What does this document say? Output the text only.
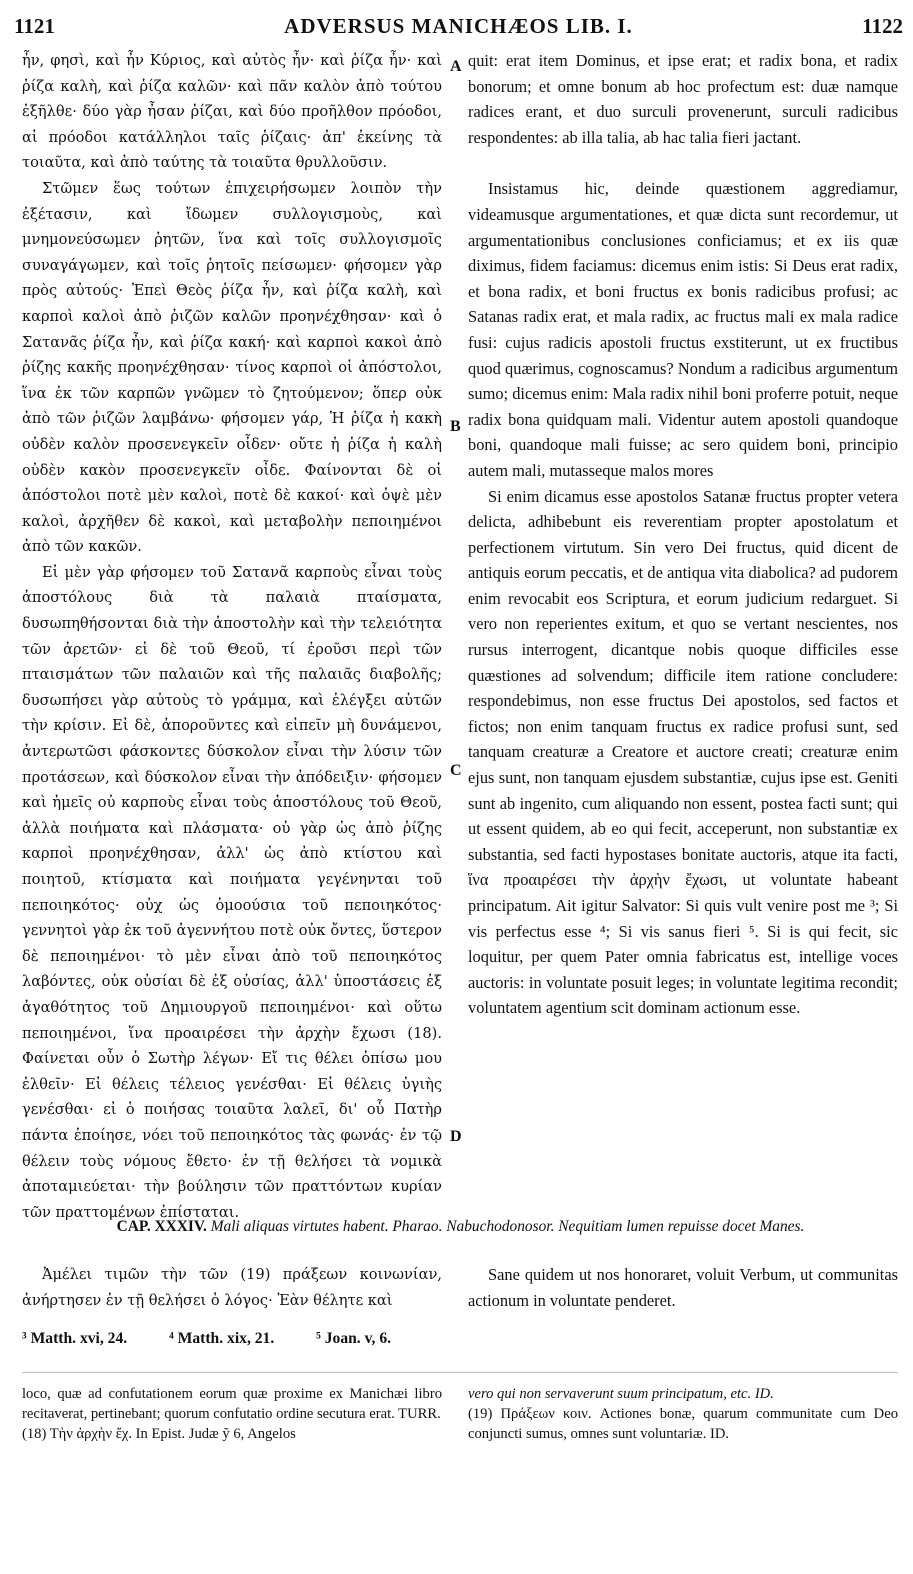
1121	ADVERSUS MANICHÆOS LIB. I.	1122

ἦν, φησὶ, καὶ ἦν Κύριος, καὶ αὐτὸς ἦν· καὶ ῥίζα ἦν· καὶ ῥίζα καλὴ, καὶ ῥίζα καλῶν· καὶ πᾶν καλὸν ἀπὸ τούτου ἐξῆλθε· δύο γὰρ ἦσαν ῥίζαι, καὶ δύο προῆλθον πρόοδοι, αἱ πρόοδοι κατάλληλοι ταῖς ῥίζαις· ἀπ' ἐκείνης τὰ τοιαῦτα, καὶ ἀπὸ ταύτης τὰ τοιαῦτα θρυλλοῦσιν.

Στῶμεν ἕως τούτων ἐπιχειρήσωμεν λοιπὸν τὴν ἐξέτασιν, καὶ ἴδωμεν συλλογισμοὺς, καὶ μνημονεύσωμεν ῥητῶν, ἵνα καὶ τοῖς συλλογισμοῖς συναγάγωμεν, καὶ τοῖς ῥητοῖς πείσωμεν· φήσομεν γὰρ πρὸς αὐτούς· Ἐπεὶ Θεὸς ῥίζα ἦν, καὶ ῥίζα καλὴ, καὶ καρποὶ καλοὶ ἀπὸ ῥιζῶν καλῶν προηνέχθησαν· καὶ ὁ Σατανᾶς ῥίζα ἦν, καὶ ῥίζα κακή· καὶ καρποὶ κακοὶ ἀπὸ ῥίζης κακῆς προηνέχθησαν· τίνος καρποὶ οἱ ἀπόστολοι, ἵνα ἐκ τῶν καρπῶν γνῶμεν τὸ ζητούμενον; ὅπερ οὐκ ἀπὸ τῶν ῥιζῶν λαμβάνω· φήσομεν γάρ, Ἡ ῥίζα ἡ κακὴ οὐδὲν καλὸν προσενεγκεῖν οἶδεν· οὔτε ἡ ῥίζα ἡ καλὴ οὐδὲν κακὸν προσενεγκεῖν οἶδε. Φαίνονται δὲ οἱ ἀπόστολοι ποτὲ μὲν καλοὶ, ποτὲ δὲ κακοί· καὶ ὀψὲ μὲν καλοὶ, ἀρχῆθεν δὲ κακοὶ, καὶ μεταβολὴν πεποιημένοι ἀπὸ τῶν κακῶν.

Εἰ μὲν γὰρ φήσομεν τοῦ Σατανᾶ καρποὺς εἶναι τοὺς ἀποστόλους διὰ τὰ παλαιὰ πταίσματα, δυσωπηθήσονται διὰ τὴν ἀποστολὴν καὶ τὴν τελειότητα τῶν ἀρετῶν· εἰ δὲ τοῦ Θεοῦ, τί ἐροῦσι περὶ τῶν πταισμάτων τῶν παλαιῶν καὶ τῆς παλαιᾶς διαβολῆς; δυσωπήσει γὰρ αὐτοὺς τὸ γράμμα, καὶ ἐλέγξει αὐτῶν τὴν κρίσιν. Εἰ δὲ, ἀπορoῦντες καὶ εἰπεῖν μὴ δυνάμενοι, ἀντερωτῶσι φάσκοντες δύσκολον εἶναι τὴν λύσιν τῶν προτάσεων, καὶ δύσκολον εἶναι τὴν ἀπόδειξιν· φήσομεν καὶ ἡμεῖς οὐ καρποὺς εἶναι τοὺς ἀποστόλους τοῦ Θεοῦ, ἀλλὰ ποιήματα καὶ πλάσματα· οὐ γὰρ ὡς ἀπὸ ῥίζης καρποὶ προηνέχθησαν, ἀλλ' ὡς ἀπὸ κτίστου καὶ ποιητοῦ, κτίσματα καὶ ποιήματα γεγένηνται τοῦ πεποιηκότος· οὐχ ὡς ὁμοούσια τοῦ πεποιηκότος· γεννητοὶ γὰρ ἐκ τοῦ ἀγεννήτου ποτὲ οὐκ ὄντες, ὕστερον δὲ πεποιημένοι· τὸ μὲν εἶναι ἀπὸ τοῦ πεποιηκότος λαβόντες, οὐκ οὐσίαι δὲ ἐξ οὐσίας, ἀλλ' ὑποστάσεις ἐξ ἀγαθότητος τοῦ Δημιουργοῦ πεποιημένοι· καὶ οὕτω πεποιημένοι, ἵνα προαιρέσει τὴν ἀρχὴν ἔχωσι (18). Φαίνεται οὖν ὁ Σωτὴρ λέγων· Εἴ τις θέλει ὀπίσω μου ἐλθεῖν· Εἰ θέλεις τέλειος γενέσθαι· Εἰ θέλεις ὑγιὴς γενέσθαι· εἰ ὁ ποιήσας τοιαῦτα λαλεῖ, δι' οὗ Πατὴρ πάντα ἐποίησε, νόει τοῦ πεποιηκότος τὰς φωνάς· ἐν τῷ θέλειν τοὺς νόμους ἔθετο· ἐν τῇ θελήσει τὰ νομικὰ ἀποταμιεύεται· τὴν βούλησιν τῶν πραττόντων κυρίαν τῶν πραττομένων ἐπίσταται.

quit: erat item Dominus, et ipse erat; et radix bona, et radix bonorum; et omne bonum ab hoc profectum est: duæ namque radices erant, et duo surculi provenerunt, surculi radicibus respondentes: ab illa talia, ab hac talia fieri jactant.

Insistamus hic, deinde quæstionem aggrediamur, videamusque argumentationes, et quæ dicta sunt recordemur, ut argumentationibus conclusiones conficiamus; et ex iis quæ diximus, fidem faciamus: dicemus enim istis: Si Deus erat radix, et bona radix, et boni fructus ex bonis radicibus profusi; ac Satanas radix erat, et mala radix, ac fructus mali ex mala radice fusi: cujus radicis apostoli fructus exstiterunt, ut ex fructibus quod quærimus, cognoscamus? Nondum a radicibus argumentum sumo; dicemus enim: Mala radix nihil boni proferre potuit, neque radix bona quidquam mali. Videntur autem apostoli quandoque boni, quandoque mali fuisse; ac sero quidem boni, principio autem mali, mutasseque malos mores

Si enim dicamus esse apostolos Satanæ fructus propter vetera delicta, adhibebunt eis reverentiam propter apostolatum et perfectionem virtutum. Sin vero Dei fructus, quid dicent de antiquis eorum peccatis, et de antiqua vita diabolica? ad pudorem enim revocabit eos Scriptura, et eorum judicium redarguet. Si vero non reperientes exitum, et quo se vertant nescientes, nos rursus interrogent, dicantque nobis quoque difficiles esse quæstiones ad solvendum; difficile item ratione concludere: respondebimus, non esse fructus Dei apostolos, sed factos et fictos; non enim tanquam fructus ex radice profusi sunt, sed tanquam creaturæ a Creatore et auctore creati; creaturæ enim ejus sunt, non tanquam ejusdem substantiæ, cujus ipse est. Geniti sunt ab ingenito, cum aliquando non essent, postea facti sunt; qui ut essent quidem, ab eo qui fecit, acceperunt, non substantiæ ex substantia, sed facti hypostases bonitate auctoris, atque ita facti, ἵνα προαιρέσει τὴν ἀρχὴν ἔχωσι, ut voluntate habeant principatum. Ait igitur Salvator: Si quis vult venire post me ³; Si vis perfectus esse ⁴; Si vis sanus fieri ⁵. Si is qui fecit, sic loquitur, per quem Pater omnia fabricatus est, intellige voces auctoris: in voluntate posuit leges; in voluntate legitima recondit; voluntatem agentium scit dominam actionum esse.

A
B
C
D
CAP. XXXIV. Mali aliquas virtutes habent. Pharao. Nabuchodonosor. Nequitiam lumen repuisse docet Manes.

Ἀμέλει τιμῶν τὴν τῶν (19) πράξεων κοινωνίαν, ἀνήρτησεν ἐν τῇ θελήσει ὁ λόγος· Ἐὰν θέλητε καὶ

Sane quidem ut nos honoraret, voluit Verbum, ut communitas actionum in voluntate penderet.

³ Matth. xvi, 24.	⁴ Matth. xix, 21.	⁵ Joan. v, 6.

loco, quæ ad confutationem eorum quæ proxime ex Manichæi libro recitaverat, pertinebant; quorum confutatio ordine secutura erat. TURR.

(18) Τὴν ἀρχὴν ἔχ. In Epist. Judæ ỹ 6, Angelos

vero qui non servaverunt suum principatum, etc. ID.

(19) Πράξεων κοιν. Actiones bonæ, quarum communitate cum Deo conjuncti sumus, omnes sunt voluntariæ. ID.
